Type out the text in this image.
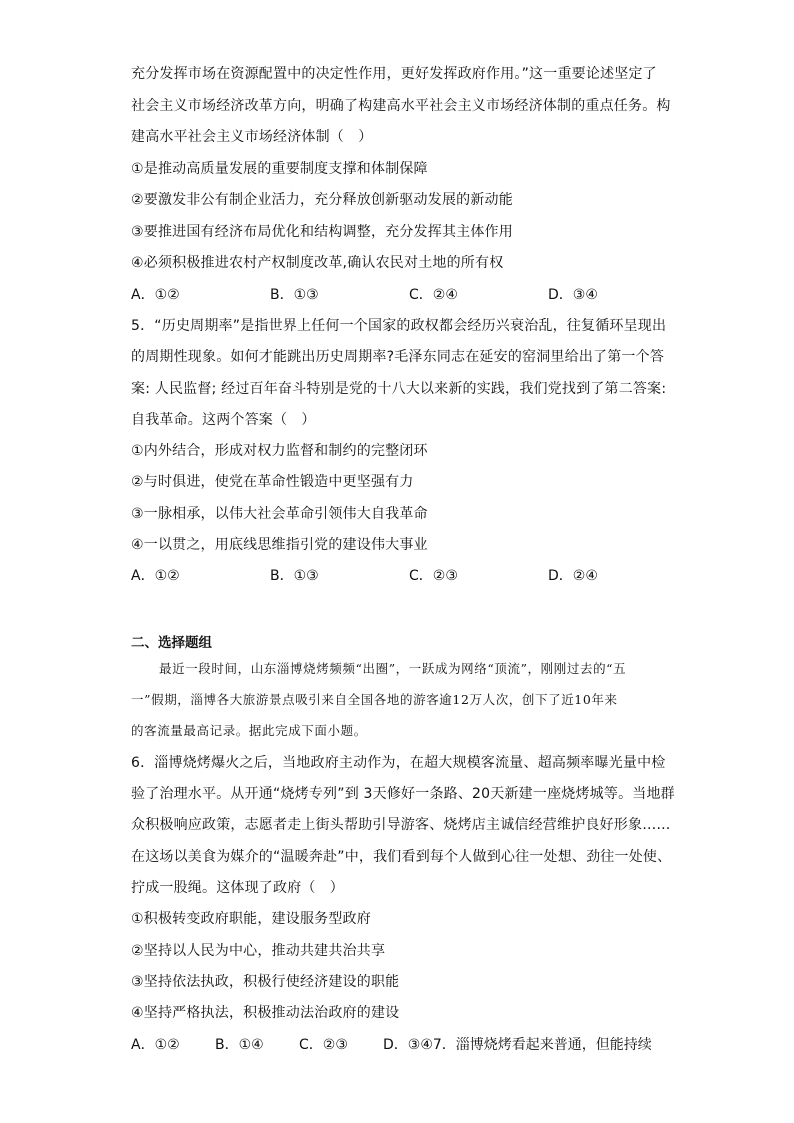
充分发挥市场在资源配置中的决定性作用，更好发挥政府作用。”这一重要论述坚定了
社会主义市场经济改革方向，明确了构建高水平社会主义市场经济体制的重点任务。构
建高水平社会主义市场经济体制（　）
①是推动高质量发展的重要制度支撑和体制保障
②要激发非公有制企业活力，充分释放创新驱动发展的新动能
③要推进国有经济布局优化和结构调整，充分发挥其主体作用
④必须积极推进农村产权制度改革,确认农民对土地的所有权
A．①②	B．①③	C．②④	D．③④
5．“历史周期率”是指世界上任何一个国家的政权都会经历兴衰治乱，往复循环呈现出
的周期性现象。如何才能跳出历史周期率?毛泽东同志在延安的窑洞里给出了第一个答
案: 人民监督; 经过百年奋斗特别是党的十八大以来新的实践，我们党找到了第二答案:
自我革命。这两个答案（　）
①内外结合，形成对权力监督和制约的完整闭环
②与时俱进，使党在革命性锻造中更坚强有力
③一脉相承，以伟大社会革命引领伟大自我革命
④一以贯之，用底线思维指引党的建设伟大事业
A．①②	B．①③	C．②③	D．②④
二、选择题组
最近一段时间，山东淄博烧烤频频“出圈”，一跃成为网络“顶流”，刚刚过去的“五
一”假期，淄博各大旅游景点吸引来自全国各地的游客逾12万人次，创下了近10年来
的客流量最高记录。据此完成下面小题。
6．淄博烧烤爆火之后，当地政府主动作为，在超大规模客流量、超高频率曝光量中检
验了治理水平。从开通“烧烤专列”到 3天修好一条路、20天新建一座烧烤城等。当地群
众积极响应政策，志愿者走上街头帮助引导游客、烧烤店主诚信经营维护良好形象……
在这场以美食为媒介的“温暖奔赴”中，我们看到每个人做到心往一处想、劲往一处使、
拧成一股绳。这体现了政府（　）
①积极转变政府职能，建设服务型政府
②坚持以人民为中心，推动共建共治共享
③坚持依法执政，积极行使经济建设的职能
④坚持严格执法，积极推动法治政府的建设
A．①②	B．①④	C．②③	D．③④7．淄博烧烤看起来普通，但能持续
